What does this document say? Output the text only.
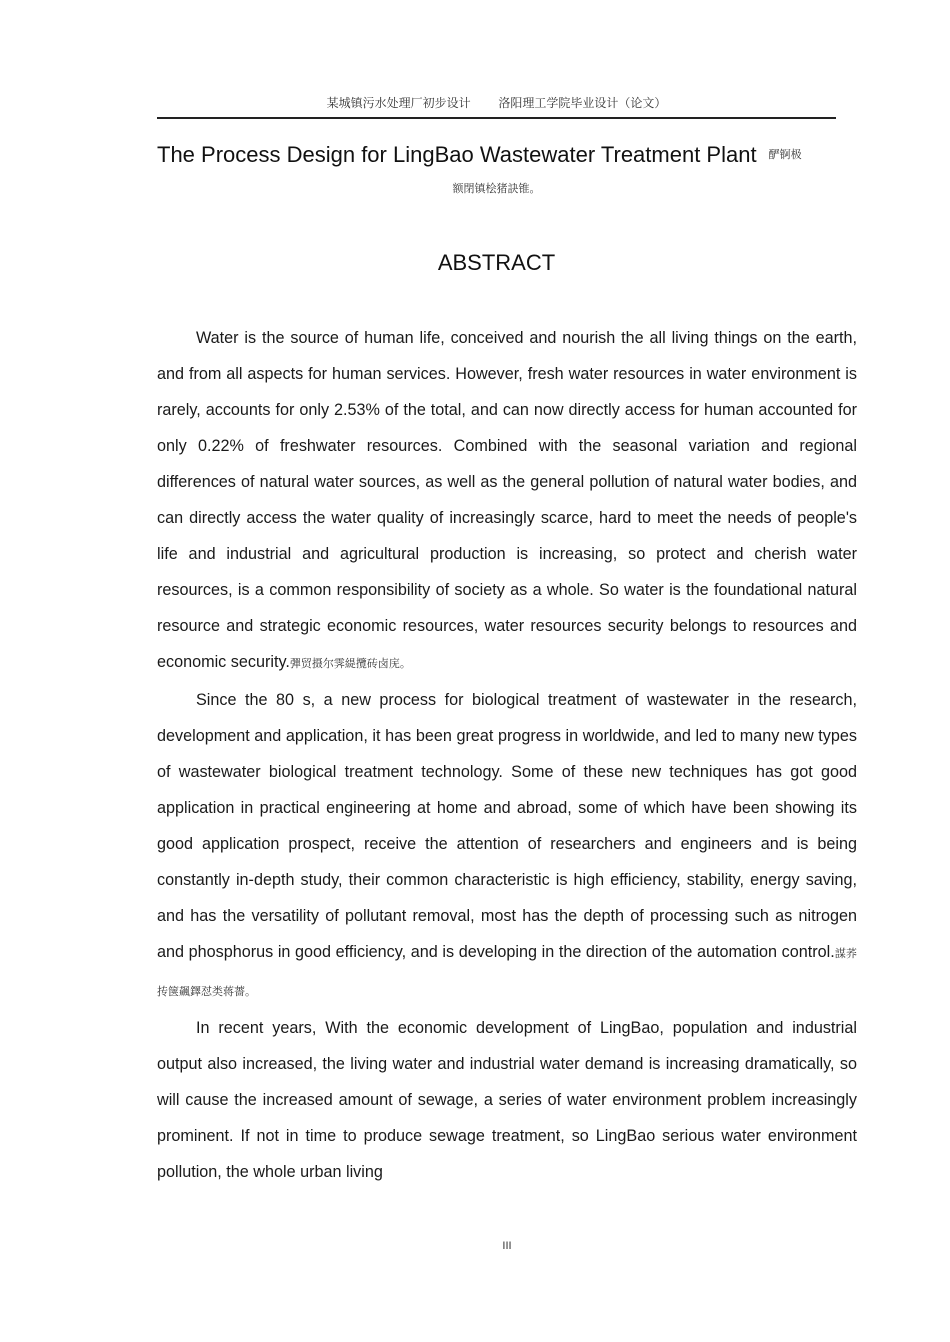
某城镇污水处理厂初步设计 洛阳理工学院毕业设计（论文）
The Process Design for LingBao Wastewater Treatment Plant 酽锕极
额閉镇桧猪訣锥。
ABSTRACT

Water is the source of human life, conceived and nourish the all living things on the earth, and from all aspects for human services. However, fresh water resources in water environment is rarely, accounts for only 2.53% of the total, and can now directly access for human accounted for only 0.22% of freshwater resources. Combined with the seasonal variation and regional differences of natural water sources, as well as the general pollution of natural water bodies, and can directly access the water quality of increasingly scarce, hard to meet the needs of people's life and industrial and agricultural production is increasing, so protect and cherish water resources, is a common responsibility of society as a whole. So water is the foundational natural resource and strategic economic resources, water resources security belongs to resources and economic security.彈贸摄尔霁緹攬砖卤庑。

Since the 80 s, a new process for biological treatment of wastewater in the research, development and application, it has been great progress in worldwide, and led to many new types of wastewater biological treatment technology. Some of these new techniques has got good application in practical engineering at home and abroad, some of which have been showing its good application prospect, receive the attention of researchers and engineers and is being constantly in-depth study, their common characteristic is high efficiency, stability, energy saving, and has the versatility of pollutant removal, most has the depth of processing such as nitrogen and phosphorus in good efficiency, and is developing in the direction of the automation control.謀荞抟箧飆鐸怼类蒋薔。

In recent years, With the economic development of LingBao, population and industrial output also increased, the living water and industrial water demand is increasing dramatically, so will cause the increased amount of sewage, a series of water environment problem increasingly prominent. If not in time to produce sewage treatment, so LingBao serious water environment pollution, the whole urban living

III
